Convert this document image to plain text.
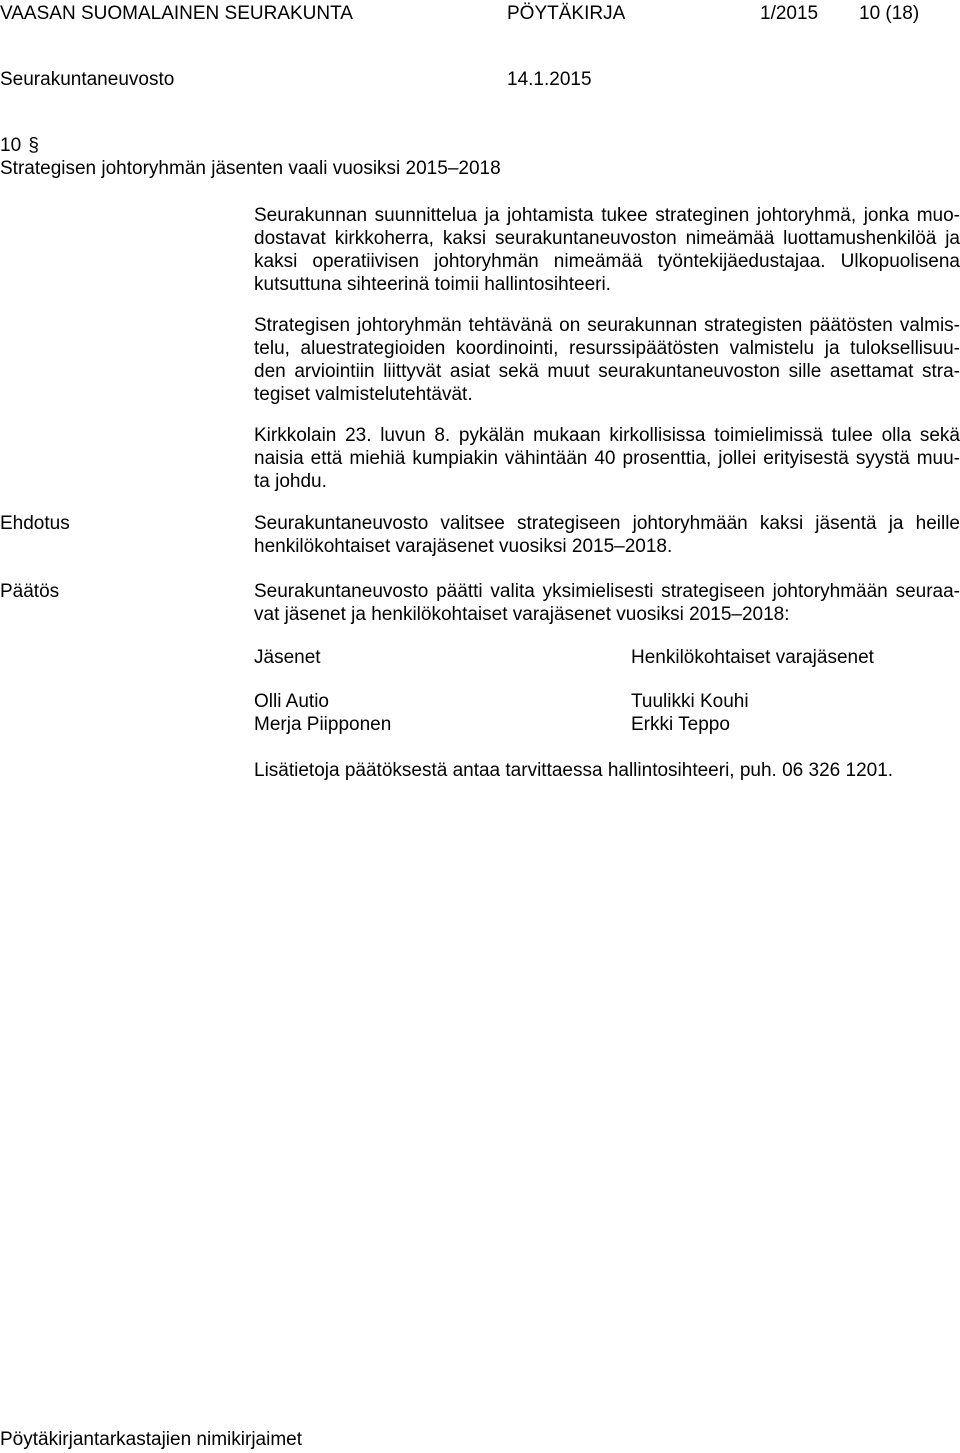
VAASAN SUOMALAINEN SEURAKUNTA	PÖYTÄKIRJA	1/2015 10 (18)
Seurakuntaneuvosto	14.1.2015
10 §
Strategisen johtoryhmän jäsenten vaali vuosiksi 2015–2018
Seurakunnan suunnittelua ja johtamista tukee strateginen johtoryhmä, jonka muo-
dostavat kirkkoherra, kaksi seurakuntaneuvoston nimeämää luottamushenkilöä ja
kaksi operatiivisen johtoryhmän nimeämää työntekijäedustajaa. Ulkopuolisena
kutsuttuna sihteerinä toimii hallintosihteeri.
Strategisen johtoryhmän tehtävänä on seurakunnan strategisten päätösten valmis-
telu, aluestrategioiden koordinointi, resurssipäätösten valmistelu ja tuloksellisuu-
den arviointiin liittyvät asiat sekä muut seurakuntaneuvoston sille asettamat stra-
tegiset valmistelutehtävät.
Kirkkolain 23. luvun 8. pykälän mukaan kirkollisissa toimielimissä tulee olla sekä
naisia että miehiä kumpiakin vähintään 40 prosenttia, jollei erityisestä syystä muu-
ta johdu.
Ehdotus	Seurakuntaneuvosto valitsee strategiseen johtoryhmään kaksi jäsentä ja heille
henkilökohtaiset varajäsenet vuosiksi 2015–2018.
Päätös	Seurakuntaneuvosto päätti valita yksimielisesti strategiseen johtoryhmään seuraa-
vat jäsenet ja henkilökohtaiset varajäsenet vuosiksi 2015–2018:
Jäsenet	Henkilökohtaiset varajäsenet
Olli Autio	Tuulikki Kouhi
Merja Piipponen	Erkki Teppo
Lisätietoja päätöksestä antaa tarvittaessa hallintosihteeri, puh. 06 326 1201.
Pöytäkirjantarkastajien nimikirjaimet
